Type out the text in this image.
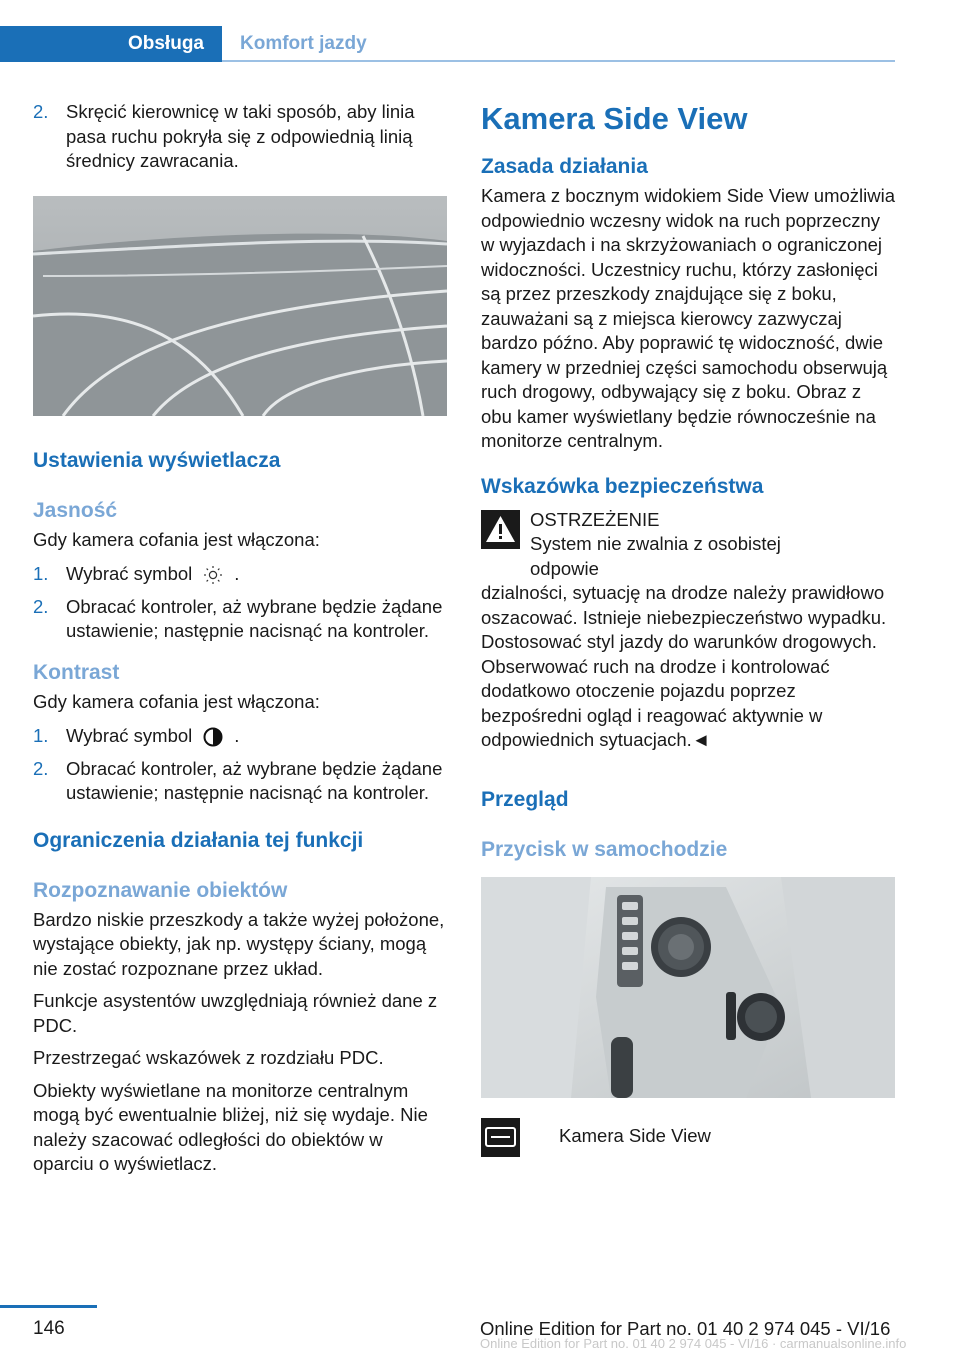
Obsługa	Komfort jazdy
2. Skręcić kierownicę w taki sposób, aby linia pasa ruchu pokryła się z odpowiednią linią średnicy zawracania.
Ustawienia wyświetlacza
Jasność
Gdy kamera cofania jest włączona:
1. Wybrać symbol .
2. Obracać kontroler, aż wybrane będzie żądane ustawienie; następnie nacisnąć na kontroler.
Kontrast
Gdy kamera cofania jest włączona:
1. Wybrać symbol .
2. Obracać kontroler, aż wybrane będzie żądane ustawienie; następnie nacisnąć na kontroler.
Ograniczenia działania tej funkcji
Rozpoznawanie obiektów
Bardzo niskie przeszkody a także wyżej położone, wystające obiekty, jak np. występy ściany, mogą nie zostać rozpoznane przez układ.
Funkcje asystentów uwzględniają również dane z PDC.
Przestrzegać wskazówek z rozdziału PDC.
Obiekty wyświetlane na monitorze centralnym mogą być ewentualnie bliżej, niż się wydaje. Nie należy szacować odległości do obiektów w oparciu o wyświetlacz.
Kamera Side View
Zasada działania
Kamera z bocznym widokiem Side View umożliwia odpowiednio wczesny widok na ruch poprzeczny w wyjazdach i na skrzyżowaniach o ograniczonej widoczności. Uczestnicy ruchu, którzy zasłonięci są przez przeszkody znajdujące się z boku, zauważani są z miejsca kierowcy zazwyczaj bardzo późno. Aby poprawić tę widoczność, dwie kamery w przedniej części samochodu obserwują ruch drogowy, odbywający się z boku. Obraz z obu kamer wyświetlany będzie równocześnie na monitorze centralnym.
Wskazówka bezpieczeństwa
OSTRZEŻENIE
System nie zwalnia z osobistej odpowie
dzialności, sytuację na drodze należy prawidłowo oszacować. Istnieje niebezpieczeństwo wypadku. Dostosować styl jazdy do warunków drogowych. Obserwować ruch na drodze i kontrolować dodatkowo otoczenie pojazdu poprzez bezpośredni ogląd i reagować aktywnie w odpowiednich sytuacjach.◄
Przegląd
Przycisk w samochodzie
Kamera Side View
146	Online Edition for Part no. 01 40 2 974 045 - VI/16
Online Edition for Part no. 01 40 2 974 045 - VI/16 · carmanualsonline.info
